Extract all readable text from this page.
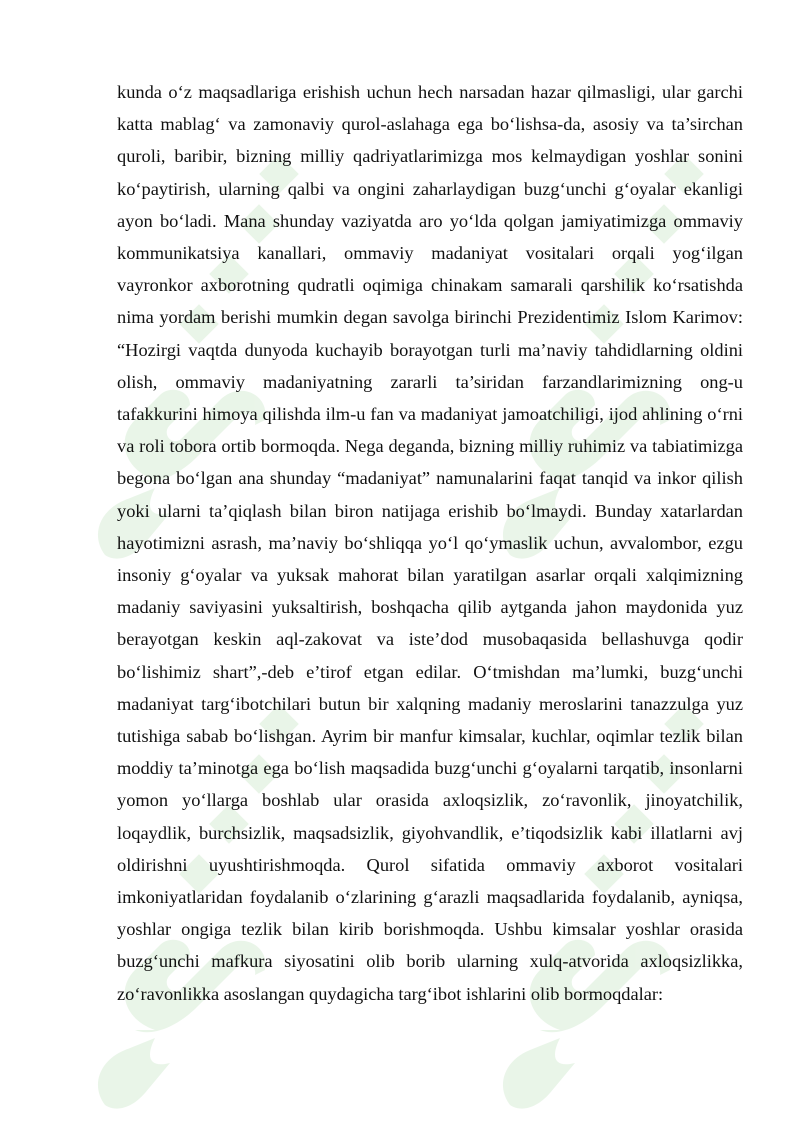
kunda o‘z maqsadlariga erishish uchun hech narsadan hazar qilmasligi, ular garchi katta mablag‘ va zamonaviy qurol-aslahaga ega bo‘lishsa-da, asosiy va ta’sirchan quroli, baribir, bizning milliy qadriyatlarimizga mos kelmaydigan yoshlar sonini ko‘paytirish, ularning qalbi va ongini zaharlaydigan buzg‘unchi g‘oyalar ekanligi ayon bo‘ladi. Mana shunday vaziyatda aro yo‘lda qolgan jamiyatimizga ommaviy kommunikatsiya kanallari, ommaviy madaniyat vositalari orqali yog‘ilgan vayronkor axborotning qudratli oqimiga chinakam samarali qarshilik ko‘rsatishda nima yordam berishi mumkin degan savolga birinchi Prezidentimiz Islom Karimov: “Hozirgi vaqtda dunyoda kuchayib borayotgan turli ma’naviy tahdidlarning oldini olish, ommaviy madaniyatning zararli ta’siridan farzandlarimizning ong-u tafakkurini himoya qilishda ilm-u fan va madaniyat jamoatchiligi, ijod ahlining o‘rni va roli tobora ortib bormoqda. Nega deganda, bizning milliy ruhimiz va tabiatimizga begona bo‘lgan ana shunday “madaniyat” namunalarini faqat tanqid va inkor qilish yoki ularni ta’qiqlash bilan biron natijaga erishib bo‘lmaydi. Bunday xatarlardan hayotimizni asrash, ma’naviy bo‘shliqqa yo‘l qo‘ymaslik uchun, avvalombor, ezgu insoniy g‘oyalar va yuksak mahorat bilan yaratilgan asarlar orqali xalqimizning madaniy saviyasini yuksaltirish, boshqacha qilib aytganda jahon maydonida yuz berayotgan keskin aql-zakovat va iste’dod musobaqasida bellashuvga qodir bo‘lishimiz shart”,-deb e’tirof etgan edilar. O‘tmishdan ma’lumki, buzg‘unchi madaniyat targ‘ibotchilari butun bir xalqning madaniy meroslarini tanazzulga yuz tutishiga sabab bo‘lishgan. Ayrim bir manfur kimsalar, kuchlar, oqimlar tezlik bilan moddiy ta’minotga ega bo‘lish maqsadida buzg‘unchi g‘oyalarni tarqatib, insonlarni yomon yo‘llarga boshlab ular orasida axloqsizlik, zo‘ravonlik, jinoyatchilik, loqaydlik, burchsizlik, maqsadsizlik, giyohvandlik, e’tiqodsizlik kabi illatlarni avj oldirishni uyushtirishmoqda. Qurol sifatida ommaviy axborot vositalari imkoniyatlaridan foydalanib o‘zlarining g‘arazli maqsadlarida foydalanib, ayniqsa, yoshlar ongiga tezlik bilan kirib borishmoqda. Ushbu kimsalar yoshlar orasida buzg‘unchi mafkura siyosatini olib borib ularning xulq-atvorida axloqsizlikka, zo‘ravonlikka asoslangan quydagicha targ‘ibot ishlarini olib bormoqdalar:
